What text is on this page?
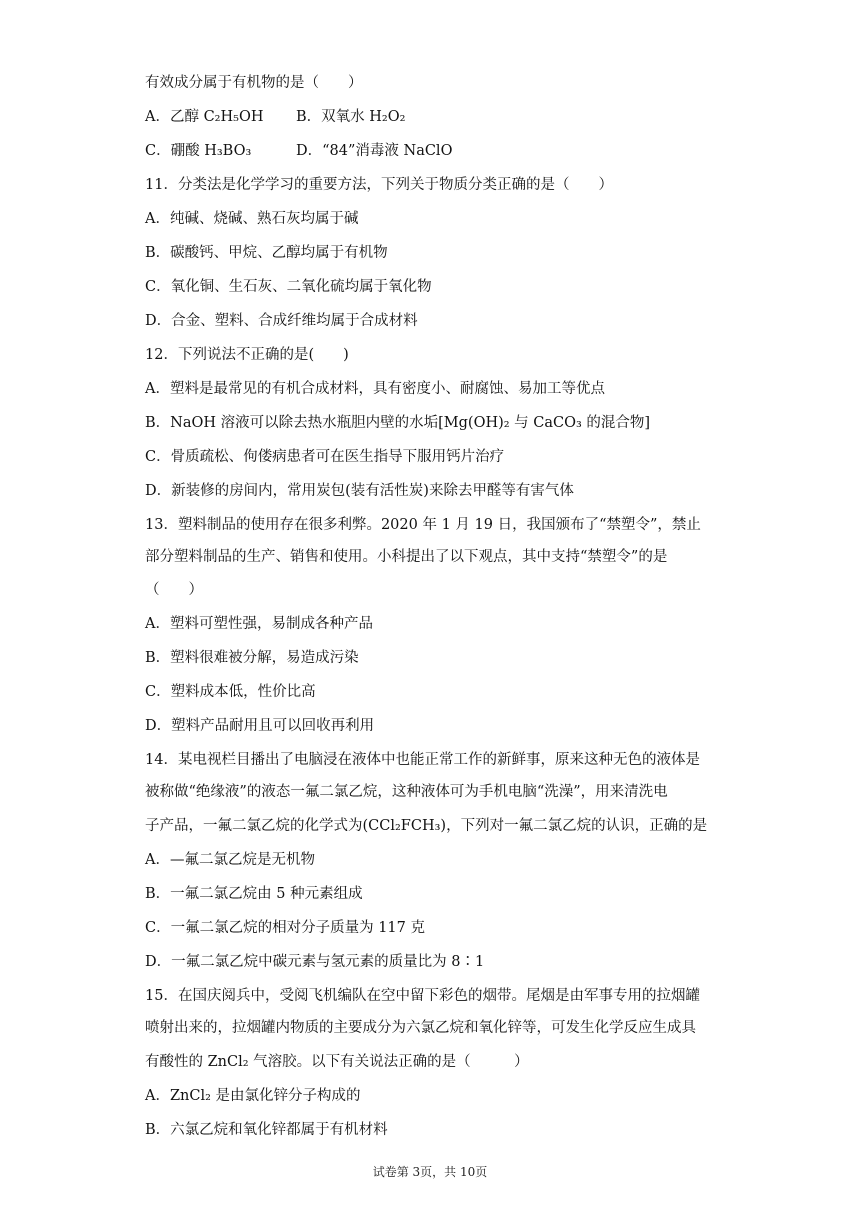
有效成分属于有机物的是（　　）
A．乙醇 C₂H₅OH B．双氧水 H₂O₂
C．硼酸 H₃BO₃	D．“84”消毒液 NaClO
11．分类法是化学学习的重要方法，下列关于物质分类正确的是（　　）
A．纯碱、烧碱、熟石灰均属于碱
B．碳酸钙、甲烷、乙醇均属于有机物
C．氧化铜、生石灰、二氧化硫均属于氧化物
D．合金、塑料、合成纤维均属于合成材料
12．下列说法不正确的是(　　)
A．塑料是最常见的有机合成材料，具有密度小、耐腐蚀、易加工等优点
B．NaOH 溶液可以除去热水瓶胆内壁的水垢[Mg(OH)₂ 与 CaCO₃ 的混合物]
C．骨质疏松、佝偻病患者可在医生指导下服用钙片治疗
D．新装修的房间内，常用炭包(装有活性炭)来除去甲醛等有害气体
13．塑料制品的使用存在很多利弊。2020 年 1 月 19 日，我国颁布了“禁塑令”，禁止
部分塑料制品的生产、销售和使用。小科提出了以下观点，其中支持“禁塑令”的是
（　　）
A．塑料可塑性强，易制成各种产品
B．塑料很难被分解，易造成污染
C．塑料成本低，性价比高
D．塑料产品耐用且可以回收再利用
14．某电视栏目播出了电脑浸在液体中也能正常工作的新鲜事，原来这种无色的液体是
被称做“绝缘液”的液态一氟二氯乙烷，这种液体可为手机电脑“洗澡”，用来清洗电
子产品，一氟二氯乙烷的化学式为(CCl₂FCH₃)，下列对一氟二氯乙烷的认识，正确的是
A．—氟二氯乙烷是无机物
B．一氟二氯乙烷由 5 种元素组成
C．一氟二氯乙烷的相对分子质量为 117 克
D．一氟二氯乙烷中碳元素与氢元素的质量比为 8∶1
15．在国庆阅兵中，受阅飞机编队在空中留下彩色的烟带。尾烟是由军事专用的拉烟罐
喷射出来的，拉烟罐内物质的主要成分为六氯乙烷和氧化锌等，可发生化学反应生成具
有酸性的 ZnCl₂ 气溶胶。以下有关说法正确的是（　　　）
A．ZnCl₂ 是由氯化锌分子构成的
B．六氯乙烷和氧化锌都属于有机材料
试卷第 3页，共 10页
